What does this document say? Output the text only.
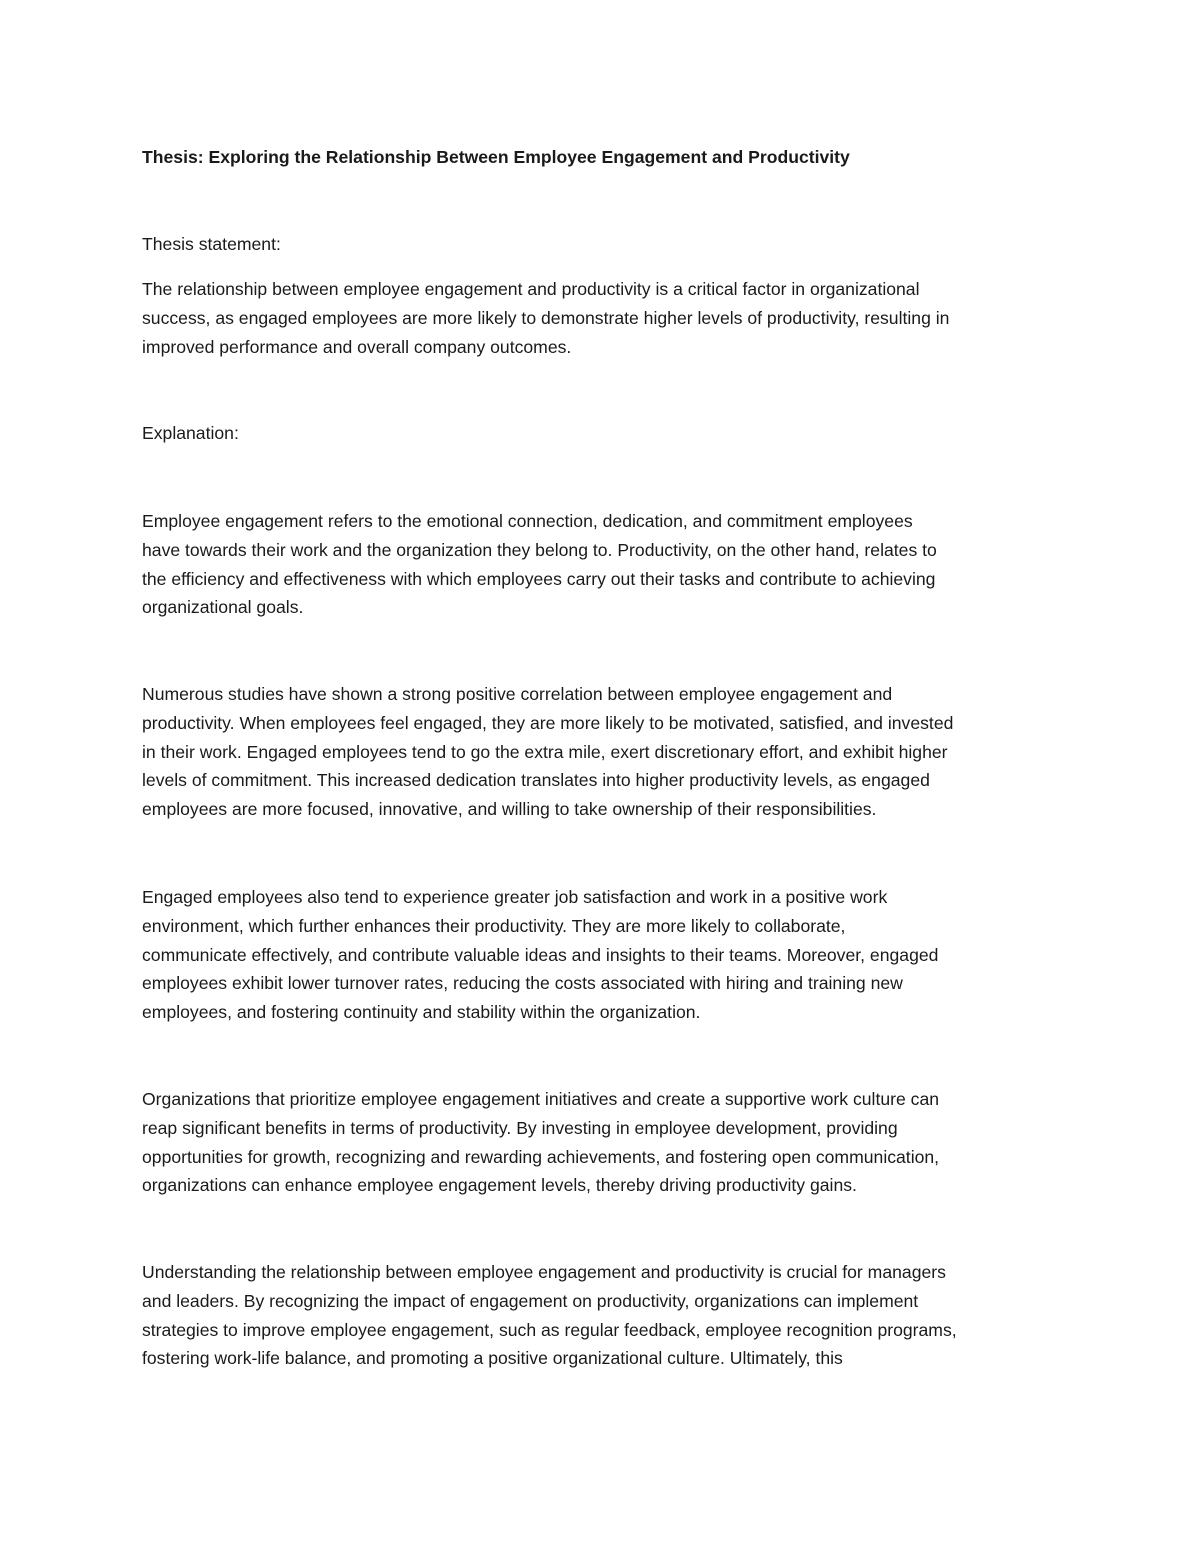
Thesis: Exploring the Relationship Between Employee Engagement and Productivity

Thesis statement:

The relationship between employee engagement and productivity is a critical factor in organizational

success, as engaged employees are more likely to demonstrate higher levels of productivity, resulting in

improved performance and overall company outcomes.

Explanation:

Employee engagement refers to the emotional connection, dedication, and commitment employees

have towards their work and the organization they belong to. Productivity, on the other hand, relates to

the efficiency and effectiveness with which employees carry out their tasks and contribute to achieving

organizational goals.

Numerous studies have shown a strong positive correlation between employee engagement and

productivity. When employees feel engaged, they are more likely to be motivated, satisfied, and invested

in their work. Engaged employees tend to go the extra mile, exert discretionary effort, and exhibit higher

levels of commitment. This increased dedication translates into higher productivity levels, as engaged

employees are more focused, innovative, and willing to take ownership of their responsibilities.

Engaged employees also tend to experience greater job satisfaction and work in a positive work

environment, which further enhances their productivity. They are more likely to collaborate,

communicate effectively, and contribute valuable ideas and insights to their teams. Moreover, engaged

employees exhibit lower turnover rates, reducing the costs associated with hiring and training new

employees, and fostering continuity and stability within the organization.

Organizations that prioritize employee engagement initiatives and create a supportive work culture can

reap significant benefits in terms of productivity. By investing in employee development, providing

opportunities for growth, recognizing and rewarding achievements, and fostering open communication,

organizations can enhance employee engagement levels, thereby driving productivity gains.

Understanding the relationship between employee engagement and productivity is crucial for managers

and leaders. By recognizing the impact of engagement on productivity, organizations can implement

strategies to improve employee engagement, such as regular feedback, employee recognition programs,

fostering work-life balance, and promoting a positive organizational culture. Ultimately, this
